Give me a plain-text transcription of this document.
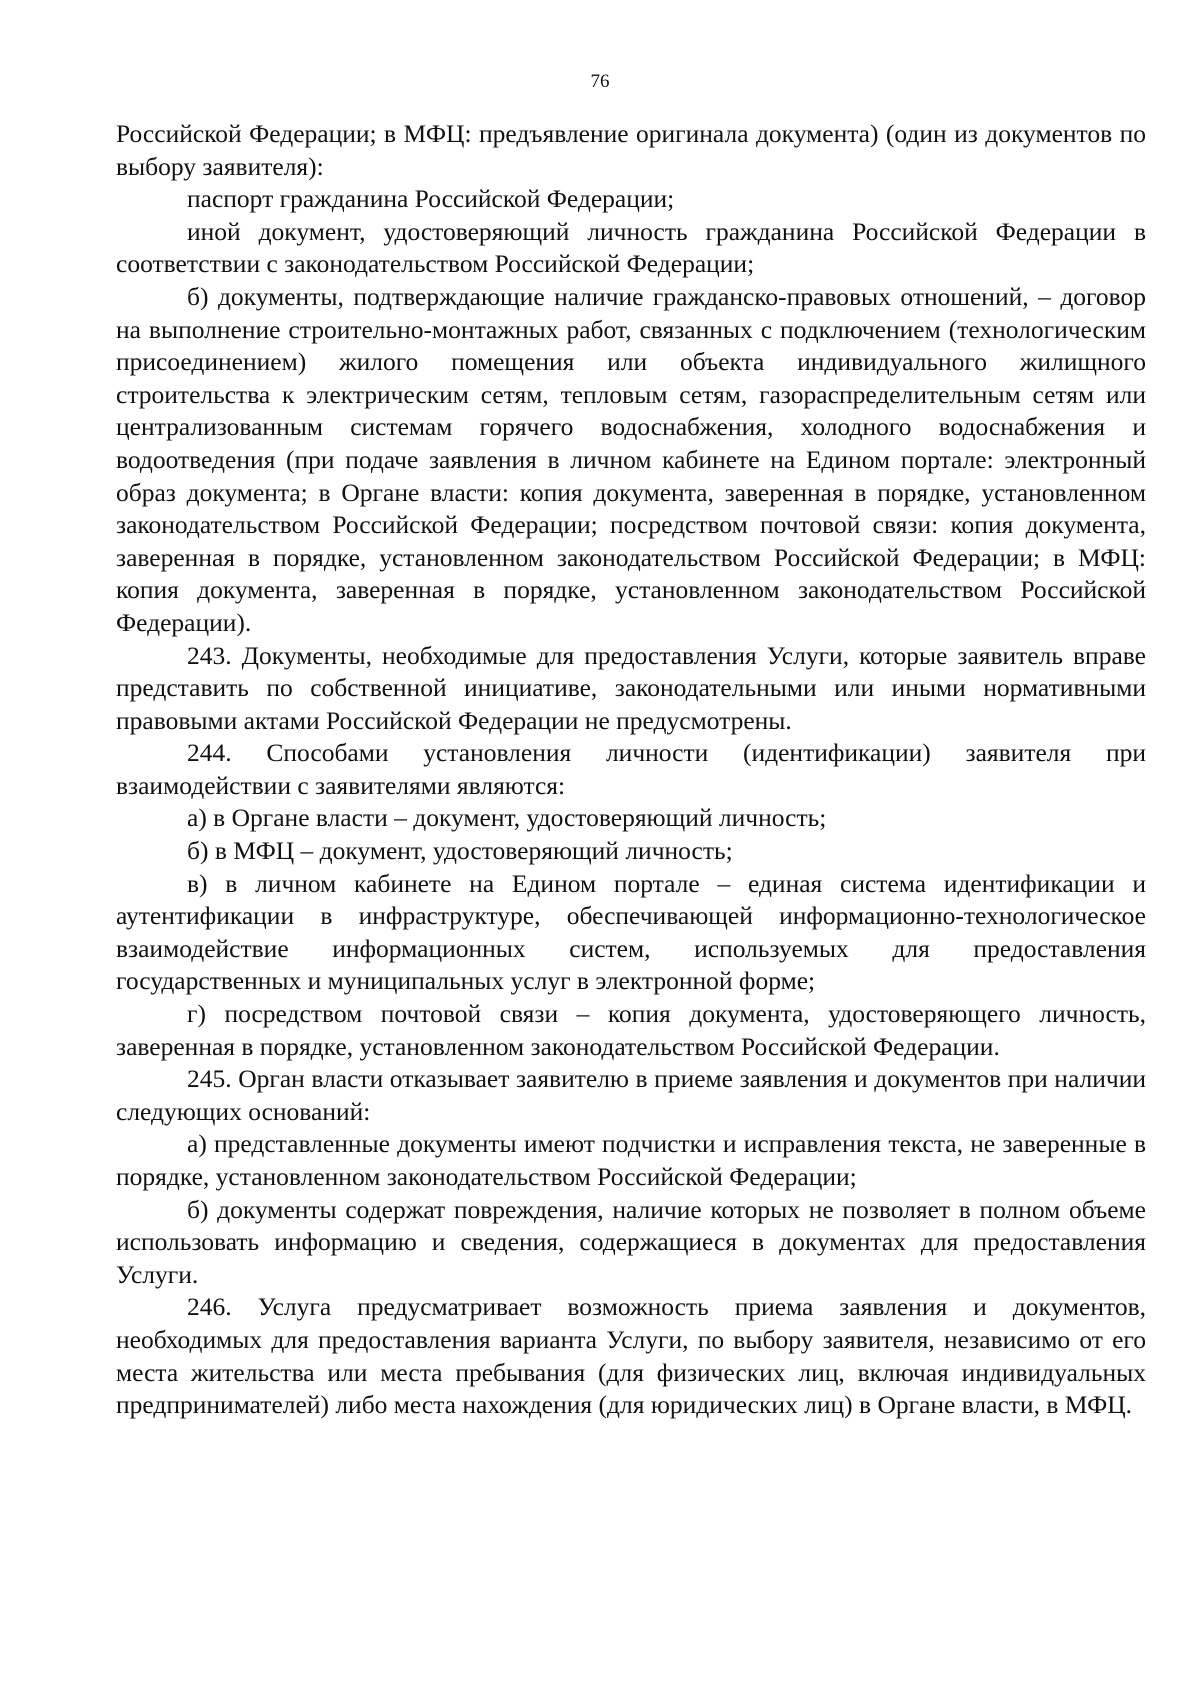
76

Российской Федерации; в МФЦ: предъявление оригинала документа) (один из документов по выбору заявителя):

паспорт гражданина Российской Федерации;

иной документ, удостоверяющий личность гражданина Российской Федерации в соответствии с законодательством Российской Федерации;

б) документы, подтверждающие наличие гражданско-правовых отношений, – договор на выполнение строительно-монтажных работ, связанных с подключением (технологическим присоединением) жилого помещения или объекта индивидуального жилищного строительства к электрическим сетям, тепловым сетям, газораспределительным сетям или централизованным системам горячего водоснабжения, холодного водоснабжения и водоотведения (при подаче заявления в личном кабинете на Едином портале: электронный образ документа; в Органе власти: копия документа, заверенная в порядке, установленном законодательством Российской Федерации; посредством почтовой связи: копия документа, заверенная в порядке, установленном законодательством Российской Федерации; в МФЦ: копия документа, заверенная в порядке, установленном законодательством Российской Федерации).

243. Документы, необходимые для предоставления Услуги, которые заявитель вправе представить по собственной инициативе, законодательными или иными нормативными правовыми актами Российской Федерации не предусмотрены.

244. Способами установления личности (идентификации) заявителя при взаимодействии с заявителями являются:

а) в Органе власти – документ, удостоверяющий личность;

б) в МФЦ – документ, удостоверяющий личность;

в) в личном кабинете на Едином портале – единая система идентификации и аутентификации в инфраструктуре, обеспечивающей информационно-технологическое взаимодействие информационных систем, используемых для предоставления государственных и муниципальных услуг в электронной форме;

г) посредством почтовой связи – копия документа, удостоверяющего личность, заверенная в порядке, установленном законодательством Российской Федерации.

245. Орган власти отказывает заявителю в приеме заявления и документов при наличии следующих оснований:

а) представленные документы имеют подчистки и исправления текста, не заверенные в порядке, установленном законодательством Российской Федерации;

б) документы содержат повреждения, наличие которых не позволяет в полном объеме использовать информацию и сведения, содержащиеся в документах для предоставления Услуги.

246. Услуга предусматривает возможность приема заявления и документов, необходимых для предоставления варианта Услуги, по выбору заявителя, независимо от его места жительства или места пребывания (для физических лиц, включая индивидуальных предпринимателей) либо места нахождения (для юридических лиц) в Органе власти, в МФЦ.
